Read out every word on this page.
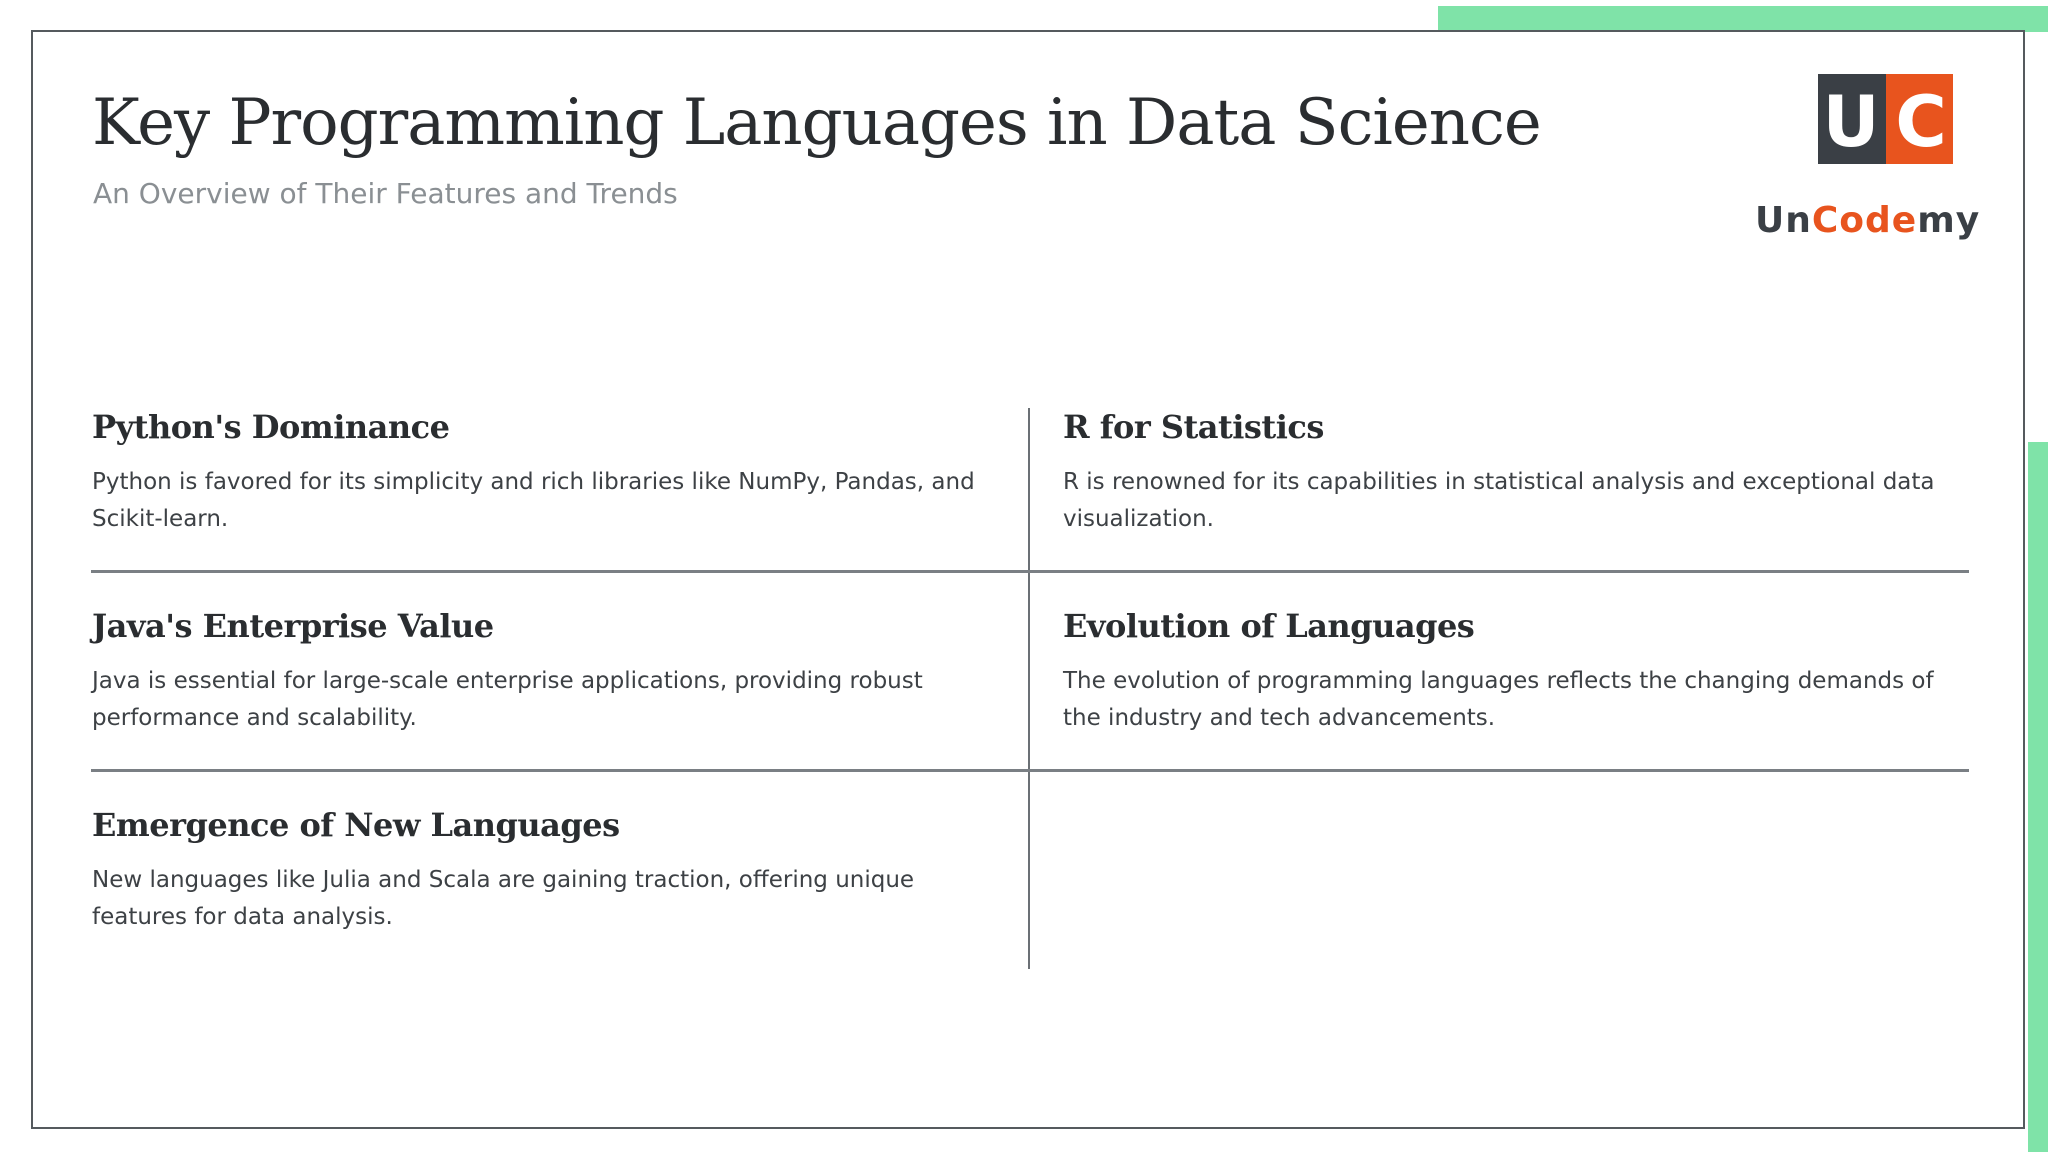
Key Programming Languages in Data Science
An Overview of Their Features and Trends
U C
UnCodemy
Python's Dominance

Python is favored for its simplicity and rich libraries like NumPy, Pandas, and Scikit-learn.

R for Statistics

R is renowned for its capabilities in statistical analysis and exceptional data visualization.

Java's Enterprise Value

Java is essential for large-scale enterprise applications, providing robust performance and scalability.

Evolution of Languages

The evolution of programming languages reflects the changing demands of the industry and tech advancements.

Emergence of New Languages

New languages like Julia and Scala are gaining traction, offering unique features for data analysis.
